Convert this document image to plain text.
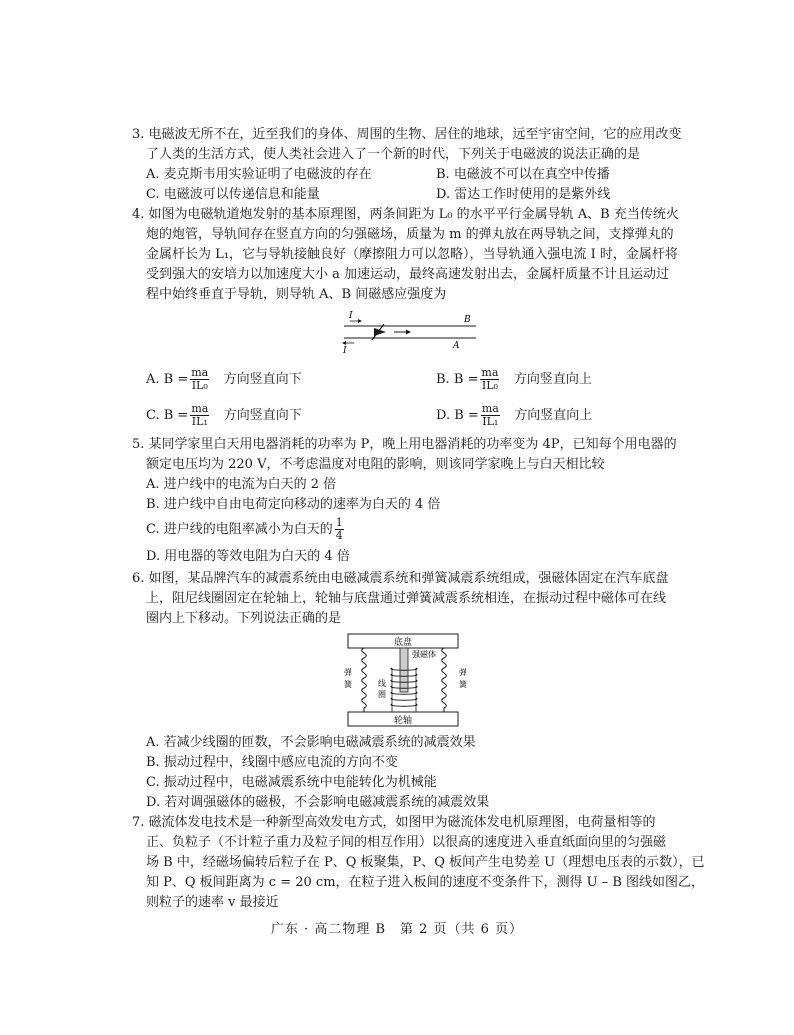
3. 电磁波无所不在，近至我们的身体、周围的生物、居住的地球，远至宇宙空间，它的应用改变
了人类的生活方式，使人类社会进入了一个新的时代，下列关于电磁波的说法正确的是
A. 麦克斯韦用实验证明了电磁波的存在	B. 电磁波不可以在真空中传播
C. 电磁波可以传递信息和能量	D. 雷达工作时使用的是紫外线
4. 如图为电磁轨道炮发射的基本原理图，两条间距为 L₀ 的水平平行金属导轨 A、B 充当传统火
炮的炮管，导轨间存在竖直方向的匀强磁场，质量为 m 的弹丸放在两导轨之间，支撑弹丸的
金属杆长为 L₁，它与导轨接触良好（摩擦阻力可以忽略），当导轨通入强电流 I 时，金属杆将
受到强大的安培力以加速度大小 a 加速运动，最终高速发射出去，金属杆质量不计且运动过
程中始终垂直于导轨，则导轨 A、B 间磁感应强度为
I
I
B
A
A. $B = \frac{ma}{\text{IL₀}}$ 方向竖直向下	B. $B = \frac{ma}{\text{IL₀}}$ 方向竖直向上
C. $B = \frac{ma}{\text{IL₁}}$ 方向竖直向下	D. $B = \frac{ma}{\text{IL₁}}$ 方向竖直向上
5. 某同学家里白天用电器消耗的功率为 P，晚上用电器消耗的功率变为 4P，已知每个用电器的
额定电压均为 220 V，不考虑温度对电阻的影响，则该同学家晚上与白天相比较
A. 进户线中的电流为白天的 2 倍
B. 进户线中自由电荷定向移动的速率为白天的 4 倍
C. 进户线的电阻率减小为白天的 $\frac{1}{4}$
D. 用电器的等效电阻为白天的 4 倍
6. 如图，某品牌汽车的减震系统由电磁减震系统和弹簧减震系统组成，强磁体固定在汽车底盘
上，阻尼线圈固定在轮轴上，轮轴与底盘通过弹簧减震系统相连，在振动过程中磁体可在线
圈内上下移动。下列说法正确的是
底盘
轮轴
弹
簧
弹
簧
强磁体
线
圈
A. 若减少线圈的匝数，不会影响电磁减震系统的减震效果
B. 振动过程中，线圈中感应电流的方向不变
C. 振动过程中，电磁减震系统中电能转化为机械能
D. 若对调强磁体的磁极，不会影响电磁减震系统的减震效果
7. 磁流体发电技术是一种新型高效发电方式，如图甲为磁流体发电机原理图，电荷量相等的
正、负粒子（不计粒子重力及粒子间的相互作用）以很高的速度进入垂直纸面向里的匀强磁
场 B 中，经磁场偏转后粒子在 P、Q 板聚集，P、Q 板间产生电势差 U（理想电压表的示数），已
知 P、Q 板间距离为 c = 20 cm，在粒子进入板间的速度不变条件下，测得 U – B 图线如图乙，
则粒子的速率 v 最接近
广东 · 高二物理 B　第 2 页（共 6 页）
